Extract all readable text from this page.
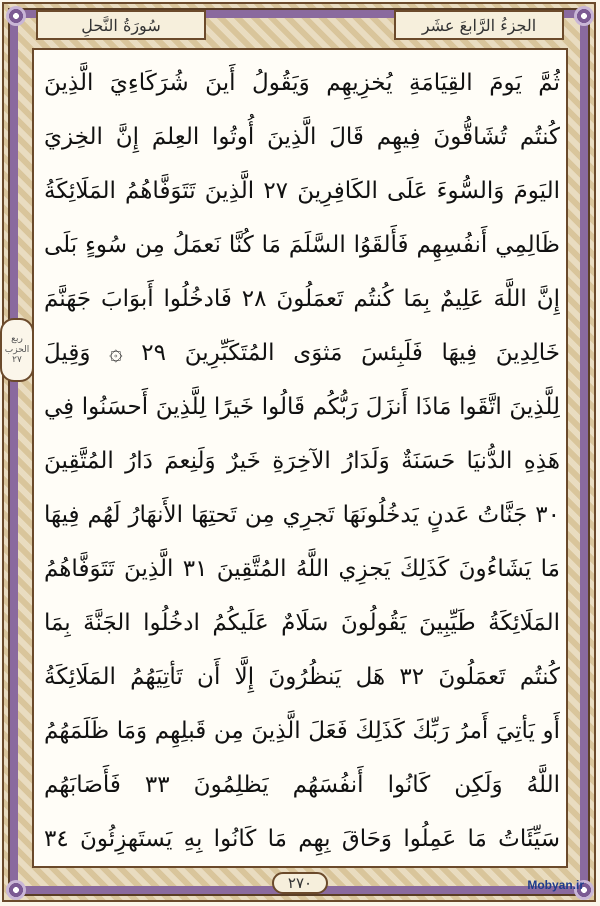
الجزءُ الرَّابعَ عشَر
سُورَةُ النَّحلِ
ثُمَّ يَومَ القِيَامَةِ يُخزِيهِم وَيَقُولُ أَينَ شُرَكَاءِيَ الَّذِينَ
كُنتُم تُشَاقُّونَ فِيهِم قَالَ الَّذِينَ أُوتُوا العِلمَ إِنَّ الخِزيَ
اليَومَ وَالسُّوءَ عَلَى الكَافِرِينَ ٢٧ الَّذِينَ تَتَوَفَّاهُمُ المَلَائِكَةُ
ظَالِمِي أَنفُسِهِم فَأَلقَوُا السَّلَمَ مَا كُنَّا نَعمَلُ مِن سُوءٍ بَلَى
إِنَّ اللَّهَ عَلِيمٌ بِمَا كُنتُم تَعمَلُونَ ٢٨ فَادخُلُوا أَبوَابَ جَهَنَّمَ
خَالِدِينَ فِيهَا فَلَبِئسَ مَثوَى المُتَكَبِّرِينَ ٢٩ ۞ وَقِيلَ
لِلَّذِينَ اتَّقَوا مَاذَا أَنزَلَ رَبُّكُم قَالُوا خَيرًا لِلَّذِينَ أَحسَنُوا فِي
هَذِهِ الدُّنيَا حَسَنَةٌ وَلَدَارُ الآخِرَةِ خَيرٌ وَلَنِعمَ دَارُ المُتَّقِينَ
٣٠ جَنَّاتُ عَدنٍ يَدخُلُونَهَا تَجرِي مِن تَحتِهَا الأَنهَارُ لَهُم فِيهَا
مَا يَشَاءُونَ كَذَلِكَ يَجزِي اللَّهُ المُتَّقِينَ ٣١ الَّذِينَ تَتَوَفَّاهُمُ
المَلَائِكَةُ طَيِّبِينَ يَقُولُونَ سَلَامٌ عَلَيكُمُ ادخُلُوا الجَنَّةَ بِمَا
كُنتُم تَعمَلُونَ ٣٢ هَل يَنظُرُونَ إِلَّا أَن تَأتِيَهُمُ المَلَائِكَةُ
أَو يَأتِيَ أَمرُ رَبِّكَ كَذَلِكَ فَعَلَ الَّذِينَ مِن قَبلِهِم وَمَا ظَلَمَهُمُ
اللَّهُ وَلَكِن كَانُوا أَنفُسَهُم يَظلِمُونَ ٣٣ فَأَصَابَهُم
سَيِّئَاتُ مَا عَمِلُوا وَحَاقَ بِهِم مَا كَانُوا بِهِ يَستَهزِئُونَ ٣٤
ربع
الحزب
٢٧
٢٧٠	Mobyan.ir
